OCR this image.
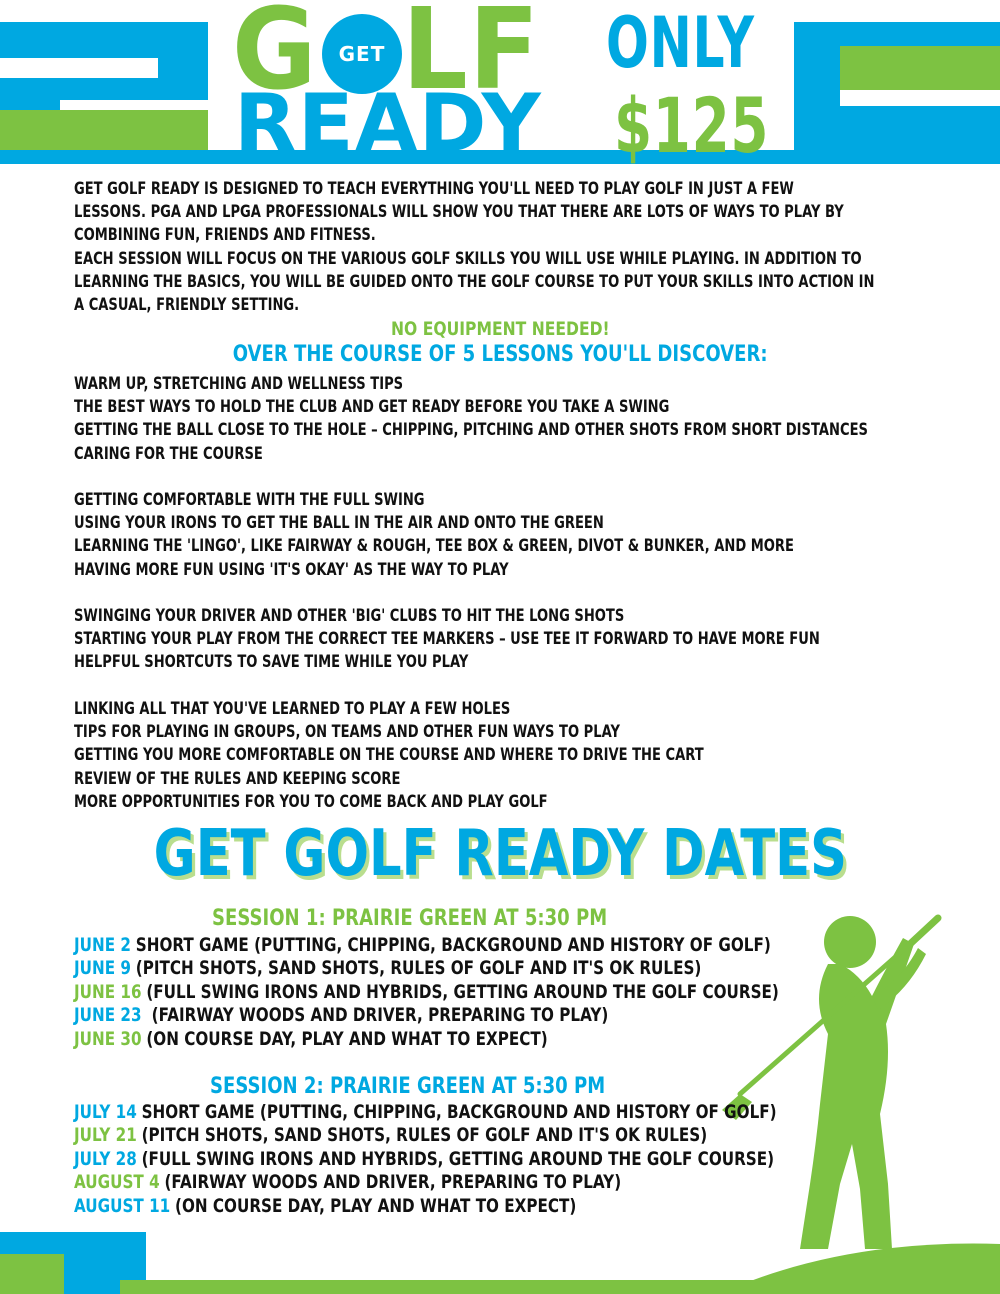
G LF
GET
READY
ONLY
$125
GET GOLF READY IS DESIGNED TO TEACH EVERYTHING YOU'LL NEED TO PLAY GOLF IN JUST A FEW
LESSONS. PGA AND LPGA PROFESSIONALS WILL SHOW YOU THAT THERE ARE LOTS OF WAYS TO PLAY BY
COMBINING FUN, FRIENDS AND FITNESS.
EACH SESSION WILL FOCUS ON THE VARIOUS GOLF SKILLS YOU WILL USE WHILE PLAYING. IN ADDITION TO
LEARNING THE BASICS, YOU WILL BE GUIDED ONTO THE GOLF COURSE TO PUT YOUR SKILLS INTO ACTION IN
A CASUAL, FRIENDLY SETTING.
NO EQUIPMENT NEEDED!
OVER THE COURSE OF 5 LESSONS YOU'LL DISCOVER:
WARM UP, STRETCHING AND WELLNESS TIPS
THE BEST WAYS TO HOLD THE CLUB AND GET READY BEFORE YOU TAKE A SWING
GETTING THE BALL CLOSE TO THE HOLE – CHIPPING, PITCHING AND OTHER SHOTS FROM SHORT DISTANCES
CARING FOR THE COURSE
GETTING COMFORTABLE WITH THE FULL SWING
USING YOUR IRONS TO GET THE BALL IN THE AIR AND ONTO THE GREEN
LEARNING THE 'LINGO', LIKE FAIRWAY & ROUGH, TEE BOX & GREEN, DIVOT & BUNKER, AND MORE
HAVING MORE FUN USING 'IT'S OKAY' AS THE WAY TO PLAY
SWINGING YOUR DRIVER AND OTHER 'BIG' CLUBS TO HIT THE LONG SHOTS
STARTING YOUR PLAY FROM THE CORRECT TEE MARKERS – USE TEE IT FORWARD TO HAVE MORE FUN
HELPFUL SHORTCUTS TO SAVE TIME WHILE YOU PLAY
LINKING ALL THAT YOU'VE LEARNED TO PLAY A FEW HOLES
TIPS FOR PLAYING IN GROUPS, ON TEAMS AND OTHER FUN WAYS TO PLAY
GETTING YOU MORE COMFORTABLE ON THE COURSE AND WHERE TO DRIVE THE CART
REVIEW OF THE RULES AND KEEPING SCORE
MORE OPPORTUNITIES FOR YOU TO COME BACK AND PLAY GOLF
GET GOLF READY DATES
SESSION 1: PRAIRIE GREEN AT 5:30 PM
JUNE 2 SHORT GAME (PUTTING, CHIPPING, BACKGROUND AND HISTORY OF GOLF)
JUNE 9 (PITCH SHOTS, SAND SHOTS, RULES OF GOLF AND IT'S OK RULES)
JUNE 16 (FULL SWING IRONS AND HYBRIDS, GETTING AROUND THE GOLF COURSE)
JUNE 23 (FAIRWAY WOODS AND DRIVER, PREPARING TO PLAY)
JUNE 30 (ON COURSE DAY, PLAY AND WHAT TO EXPECT)
SESSION 2: PRAIRIE GREEN AT 5:30 PM
JULY 14 SHORT GAME (PUTTING, CHIPPING, BACKGROUND AND HISTORY OF GOLF)
JULY 21 (PITCH SHOTS, SAND SHOTS, RULES OF GOLF AND IT'S OK RULES)
JULY 28 (FULL SWING IRONS AND HYBRIDS, GETTING AROUND THE GOLF COURSE)
AUGUST 4 (FAIRWAY WOODS AND DRIVER, PREPARING TO PLAY)
AUGUST 11 (ON COURSE DAY, PLAY AND WHAT TO EXPECT)
